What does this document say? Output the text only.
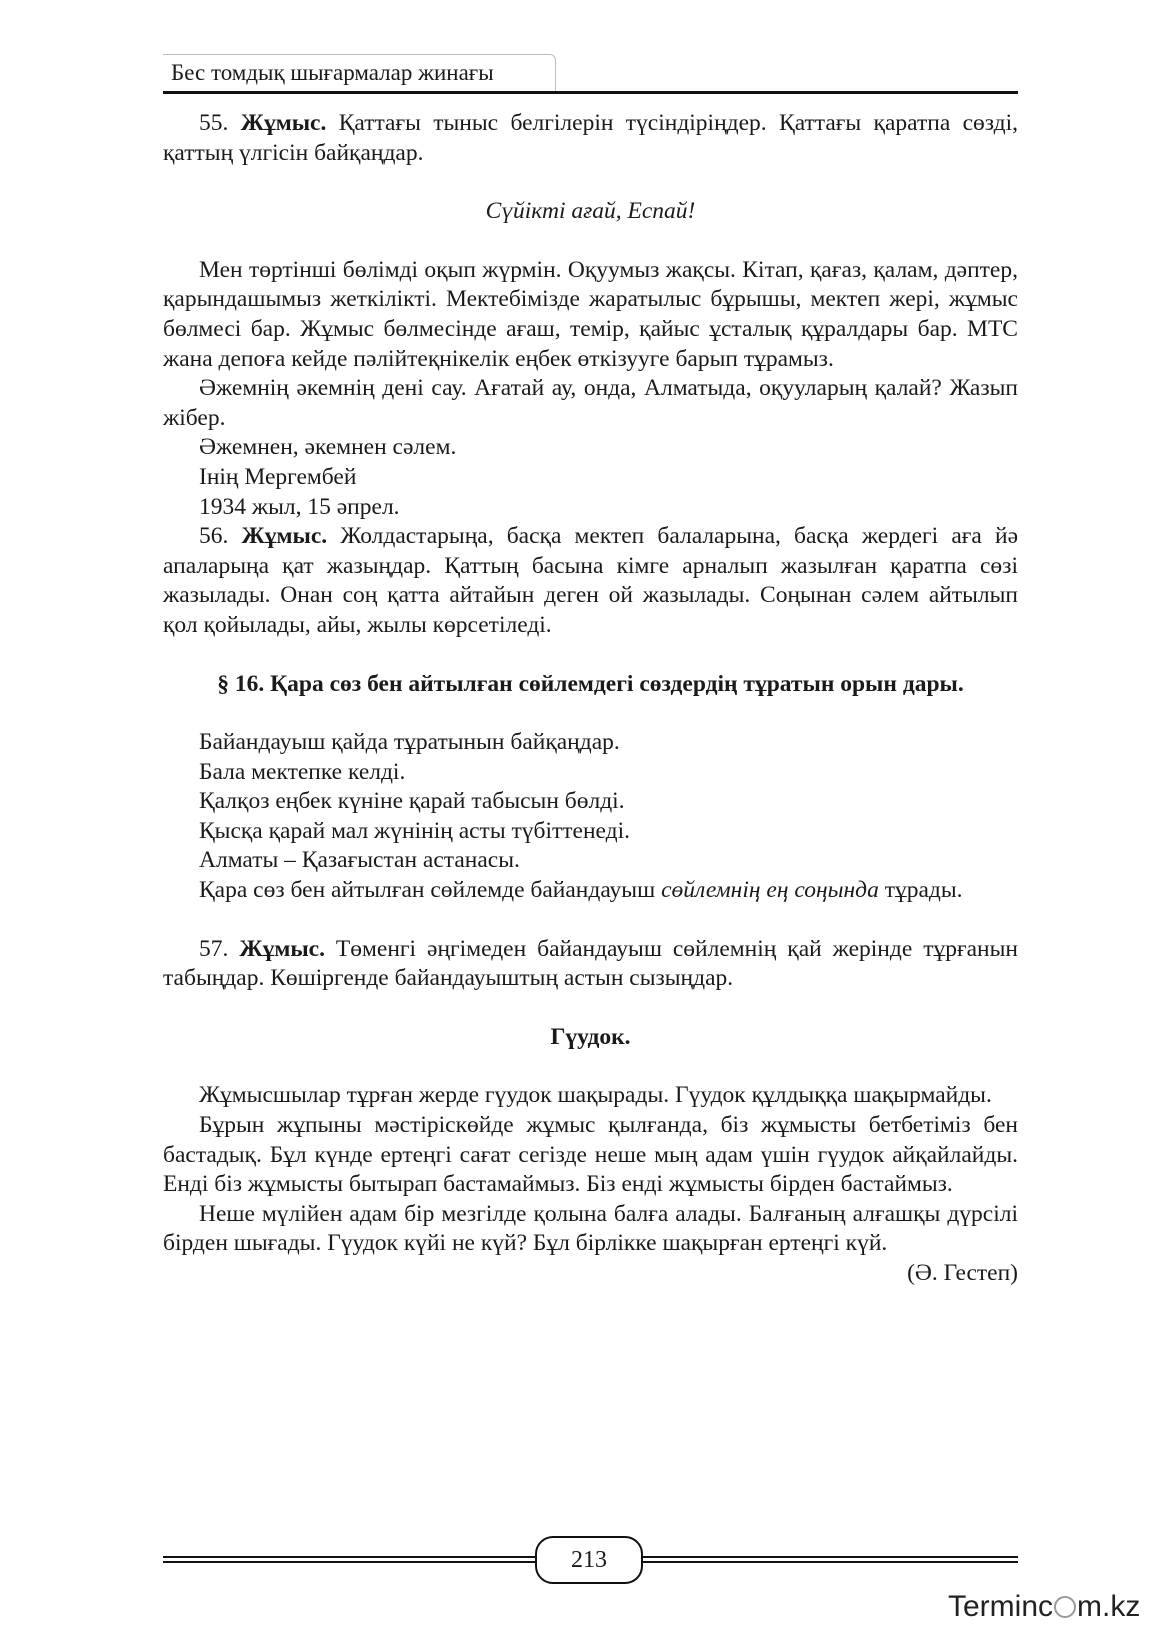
Бес томдық шығармалар жинағы

55. Жұмыс. Қаттағы тыныс белгілерін түсіндіріңдер. Қаттағы қаратпа сөзді, қаттың үлгісін байқаңдар.

Сүйікті ағай, Еспай!

Мен төртінші бөлімді оқып жүрмін. Оқуумыз жақсы. Кітап, қағаз, қалам, дәптер, қарындашымыз жеткілікті. Мектебімізде жаратылыс бұрышы, мектеп жері, жұмыс бөлмесі бар. Жұмыс бөлмесінде ағаш, темір, қайыс ұсталық құралдары бар. МТС жана депоға кейде пәлійтеқнікелік еңбек өткізууге барып тұрамыз.

Әжемнің әкемнің дені сау. Ағатай ау, онда, Алматыда, оқууларың қалай? Жазып жібер.

Әжемнен, әкемнен сәлем.

Інің Мергембей

1934 жыл, 15 әпрел.

56. Жұмыс. Жолдастарыңа, басқа мектеп балаларына, басқа жердегі аға йә апаларыңа қат жазыңдар. Қаттың басына кімге арналып жазылған қаратпа сөзі жазылады. Онан соң қатта айтайын деген ой жазылады. Соңынан сәлем айтылып қол қойылады, айы, жылы көрсетіледі.

§ 16. Қара сөз бен айтылған сөйлемдегі сөздердің тұратын орын дары.

Байандауыш қайда тұратынын байқаңдар.

Бала мектепке келді.

Қалқоз еңбек күніне қарай табысын бөлді.

Қысқа қарай мал жүнінің асты түбіттенеді.

Алматы – Қазағыстан астанасы.

Қара сөз бен айтылған сөйлемде байандауыш сөйлемнің ең соңында тұрады.

57. Жұмыс. Төменгі әңгімеден байандауыш сөйлемнің қай жерінде тұрғанын табыңдар. Көшіргенде байандауыштың астын сызыңдар.

Гүудок.

Жұмысшылар тұрған жерде гүудок шақырады. Гүудок құлдыққа шақырмайды.

Бұрын жұпыны мәстіріскөйде жұмыс қылғанда, біз жұмысты бетбетіміз бен бастадық. Бұл күнде ертеңгі сағат сегізде неше мың адам үшін гүудок айқайлайды. Енді біз жұмысты бытырап бастамаймыз. Біз енді жұмысты бірден бастаймыз.

Неше мүлійен адам бір мезгілде қолына балға алады. Балғаның алғашқы дүрсілі бірден шығады. Гүудок күйі не күй? Бұл бірлікке шақырған ертеңгі күй.

(Ә. Гестеп)

213
Terminc m.kz
